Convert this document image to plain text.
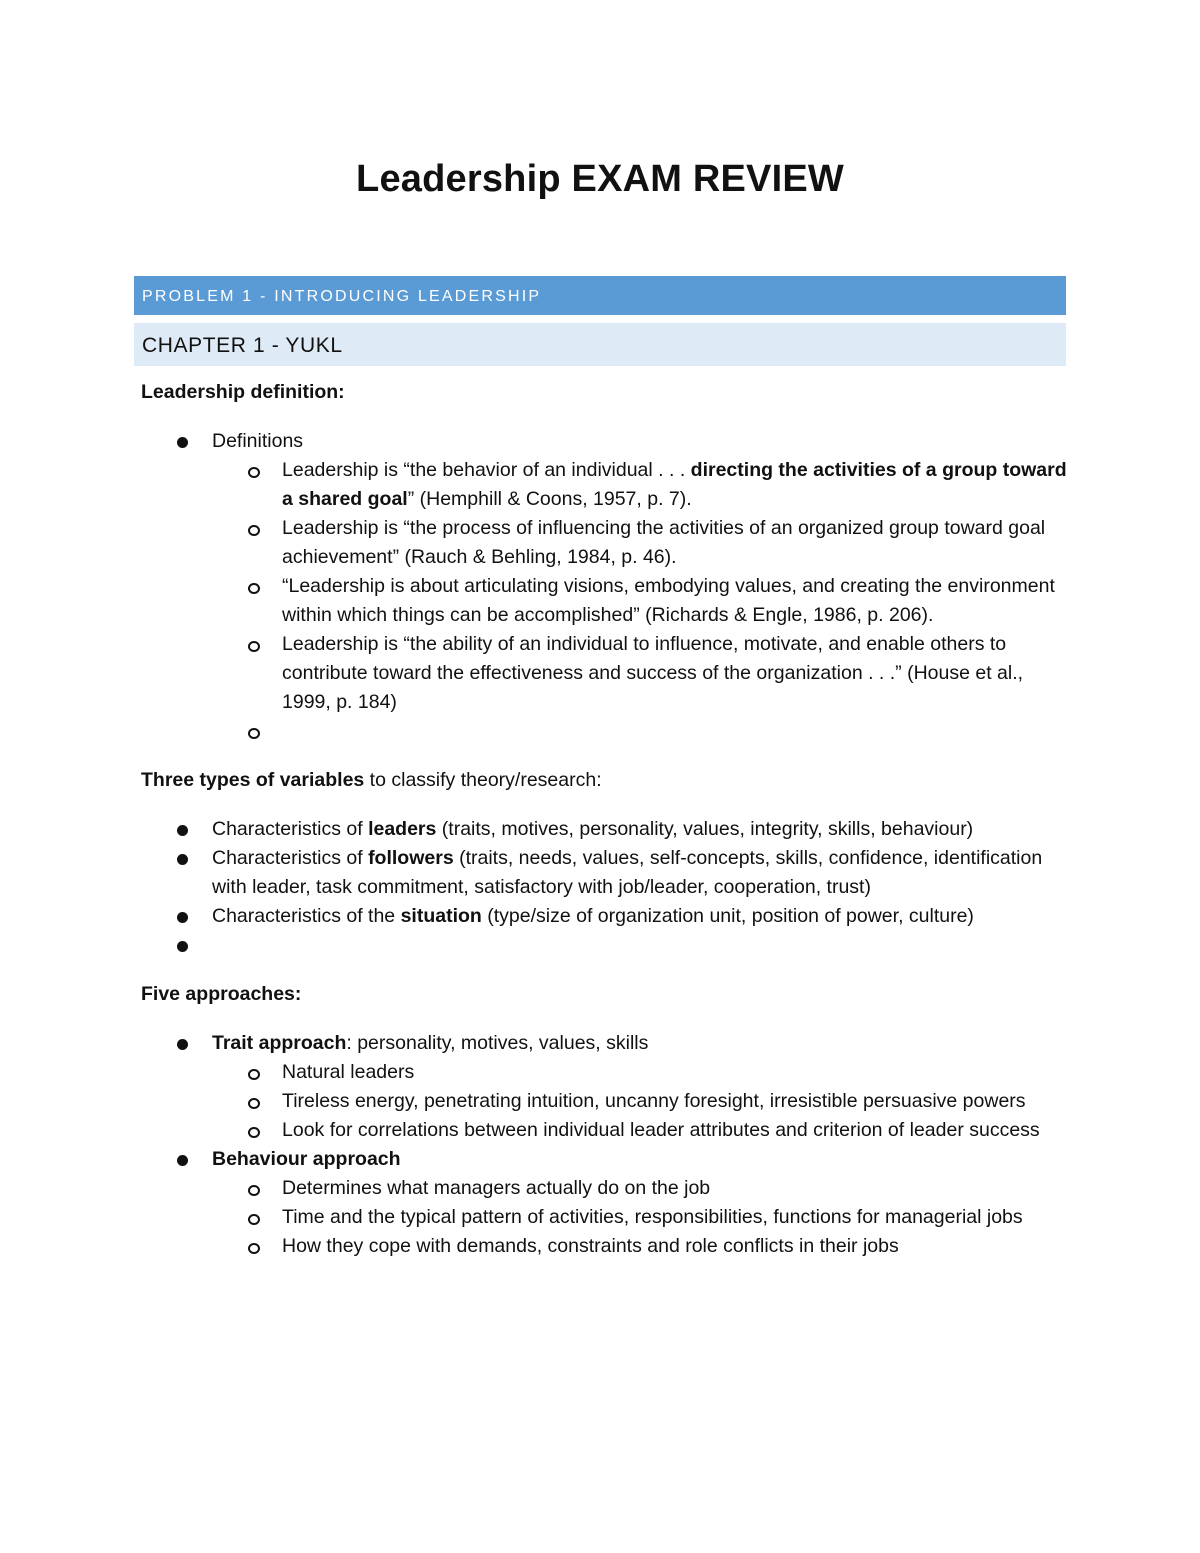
Leadership EXAM REVIEW
PROBLEM 1 - INTRODUCING LEADERSHIP
CHAPTER 1 - YUKL

Leadership definition:

Definitions
Leadership is “the behavior of an individual . . . directing the activities of a group toward a shared goal” (Hemphill & Coons, 1957, p. 7).
Leadership is “the process of influencing the activities of an organized group toward goal achievement” (Rauch & Behling, 1984, p. 46).
“Leadership is about articulating visions, embodying values, and creating the environment within which things can be accomplished” (Richards & Engle, 1986, p. 206).
Leadership is “the ability of an individual to influence, motivate, and enable others to contribute toward the effectiveness and success of the organization . . .” (House et al., 1999, p. 184)

Three types of variables to classify theory/research:

Characteristics of leaders (traits, motives, personality, values, integrity, skills, behaviour)
Characteristics of followers (traits, needs, values, self-concepts, skills, confidence, identification with leader, task commitment, satisfactory with job/leader, cooperation, trust)
Characteristics of the situation (type/size of organization unit, position of power, culture)

Five approaches:

Trait approach: personality, motives, values, skills
Natural leaders
Tireless energy, penetrating intuition, uncanny foresight, irresistible persuasive powers
Look for correlations between individual leader attributes and criterion of leader success
Behaviour approach
Determines what managers actually do on the job
Time and the typical pattern of activities, responsibilities, functions for managerial jobs
How they cope with demands, constraints and role conflicts in their jobs
